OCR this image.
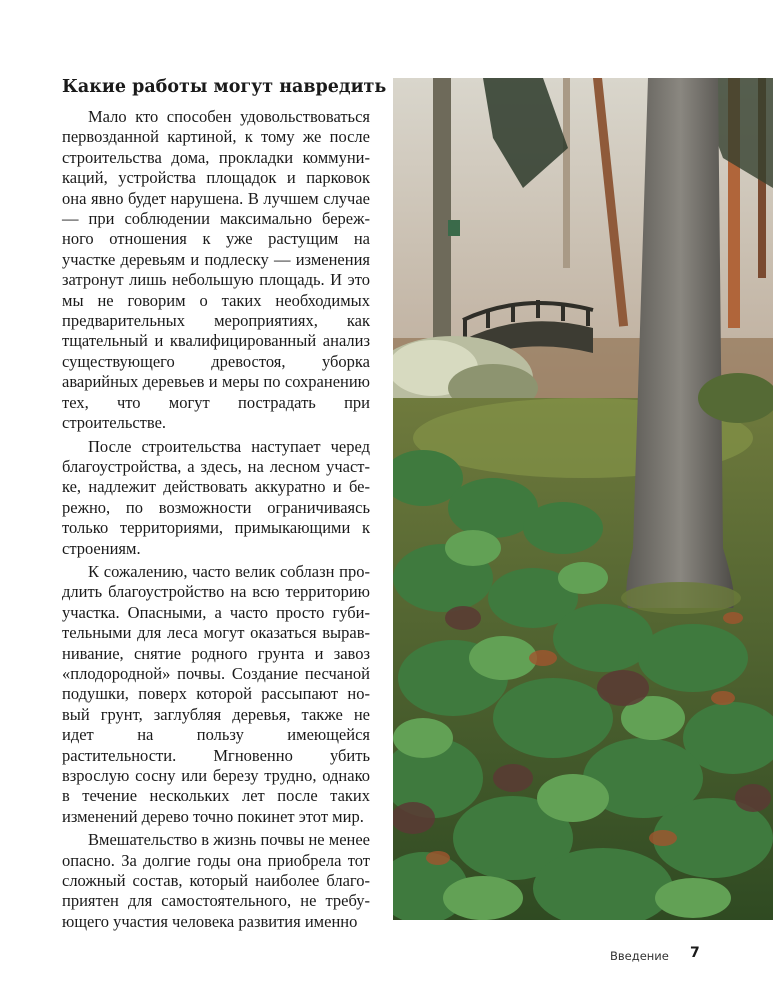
Какие работы могут навредить

Мало кто способен удовольствоваться первозданной картиной, к тому же после строительства дома, прокладки коммуникаций, устройства площадок и парковок она явно будет нарушена. В лучшем случае — при соблюдении максимально бережного отношения к уже растущим на участке деревьям и подлеску — изменения затронут лишь небольшую площадь. И это мы не говорим о таких необходимых предварительных мероприятиях, как тщательный и квалифицированный анализ существующего древостоя, уборка аварийных деревьев и меры по сохранению тех, что могут пострадать при строительстве.

После строительства наступает черед благоустройства, а здесь, на лесном участке, надлежит действовать аккуратно и бережно, по возможности ограничиваясь только территориями, примыкающими к строениям.

К сожалению, часто велик соблазн продлить благоустройство на всю территорию участка. Опасными, а часто просто губительными для леса могут оказаться выравнивание, снятие родного грунта и завоз «плодородной» почвы. Создание песчаной подушки, поверх которой рассыпают новый грунт, заглубляя деревья, также не идет на пользу имеющейся растительности. Мгновенно убить взрослую сосну или березу трудно, однако в течение нескольких лет после таких изменений дерево точно покинет этот мир.

Вмешательство в жизнь почвы не менее опасно. За долгие годы она приобрела тот сложный состав, который наиболее благоприятен для самостоятельного, не требующего участия человека развития именно

Введение 7
